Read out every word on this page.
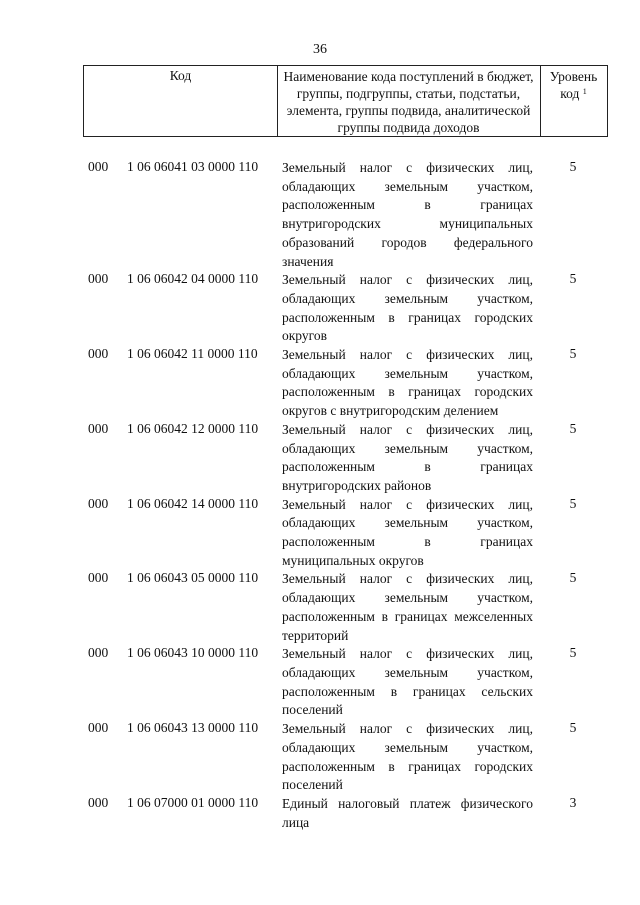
36
Код	Наименование кода поступлений в бюджет, группы, подгруппы, статьи, подстатьи, элемента, группы подвида, аналитической группы подвида доходов
Уровень код $^1$
000 1 06 06041 03 0000 110 Земельный налог с физических лиц, обладающих земельным участком, расположенным в границах внутригородских муниципальных образований городов федерального значения
5
000 1 06 06042 04 0000 110 Земельный налог с физических лиц, обладающих земельным участком, расположенным в границах городских округов
5
000 1 06 06042 11 0000 110 Земельный налог с физических лиц, обладающих земельным участком, расположенным в границах городских округов с внутригородским делением
5
000 1 06 06042 12 0000 110 Земельный налог с физических лиц, обладающих земельным участком, расположенным в границах внутригородских районов
5
000 1 06 06042 14 0000 110 Земельный налог с физических лиц, обладающих земельным участком, расположенным в границах муниципальных округов
5
000 1 06 06043 05 0000 110 Земельный налог с физических лиц, обладающих земельным участком, расположенным в границах межселенных территорий
5
000 1 06 06043 10 0000 110 Земельный налог с физических лиц, обладающих земельным участком, расположенным в границах сельских поселений
5
000 1 06 06043 13 0000 110 Земельный налог с физических лиц, обладающих земельным участком, расположенным в границах городских поселений
5
000 1 06 07000 01 0000 110 Единый налоговый платеж физического лица
3
